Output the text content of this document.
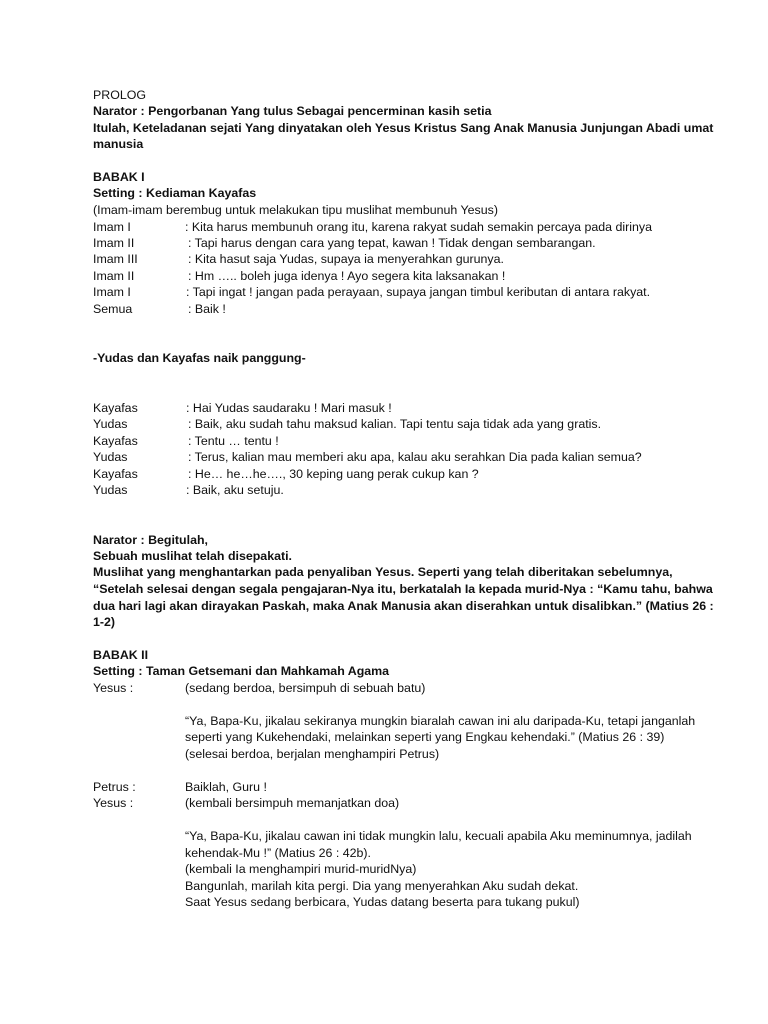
PROLOG
Narator : Pengorbanan Yang tulus Sebagai pencerminan kasih setia
Itulah, Keteladanan sejati Yang dinyatakan oleh Yesus Kristus Sang Anak Manusia Junjungan Abadi umat
manusia
BABAK I
Setting : Kediaman Kayafas
(Imam-imam berembug untuk melakukan tipu muslihat membunuh Yesus)
Imam I	: Kita harus membunuh orang itu, karena rakyat sudah semakin percaya pada dirinya
Imam II	: Tapi harus dengan cara yang tepat, kawan ! Tidak dengan sembarangan.
Imam III	: Kita hasut saja Yudas, supaya ia menyerahkan gurunya.
Imam II	: Hm ….. boleh juga idenya ! Ayo segera kita laksanakan !
Imam I	: Tapi ingat ! jangan pada perayaan, supaya jangan timbul keributan di antara rakyat.
Semua	: Baik !
-Yudas dan Kayafas naik panggung-
Kayafas	: Hai Yudas saudaraku ! Mari masuk !
Yudas	: Baik, aku sudah tahu maksud kalian. Tapi tentu saja tidak ada yang gratis.
Kayafas	: Tentu … tentu !
Yudas	: Terus, kalian mau memberi aku apa, kalau aku serahkan Dia pada kalian semua?
Kayafas	: He… he…he…., 30 keping uang perak cukup kan ?
Yudas	: Baik, aku setuju.
Narator : Begitulah,
Sebuah muslihat telah disepakati.
Muslihat yang menghantarkan pada penyaliban Yesus. Seperti yang telah diberitakan sebelumnya,
“Setelah selesai dengan segala pengajaran-Nya itu, berkatalah Ia kepada murid-Nya : “Kamu tahu, bahwa
dua hari lagi akan dirayakan Paskah, maka Anak Manusia akan diserahkan untuk disalibkan.” (Matius 26 :
1-2)
BABAK II
Setting : Taman Getsemani dan Mahkamah Agama
Yesus :	(sedang berdoa, bersimpuh di sebuah batu)
“Ya, Bapa-Ku, jikalau sekiranya mungkin biaralah cawan ini alu daripada-Ku, tetapi janganlah
seperti yang Kukehendaki, melainkan seperti yang Engkau kehendaki.” (Matius 26 : 39)
(selesai berdoa, berjalan menghampiri Petrus)
Petrus :	Baiklah, Guru !
Yesus :	(kembali bersimpuh memanjatkan doa)
“Ya, Bapa-Ku, jikalau cawan ini tidak mungkin lalu, kecuali apabila Aku meminumnya, jadilah
kehendak-Mu !” (Matius 26 : 42b).
(kembali Ia menghampiri murid-muridNya)
Bangunlah, marilah kita pergi. Dia yang menyerahkan Aku sudah dekat.
Saat Yesus sedang berbicara, Yudas datang beserta para tukang pukul)
